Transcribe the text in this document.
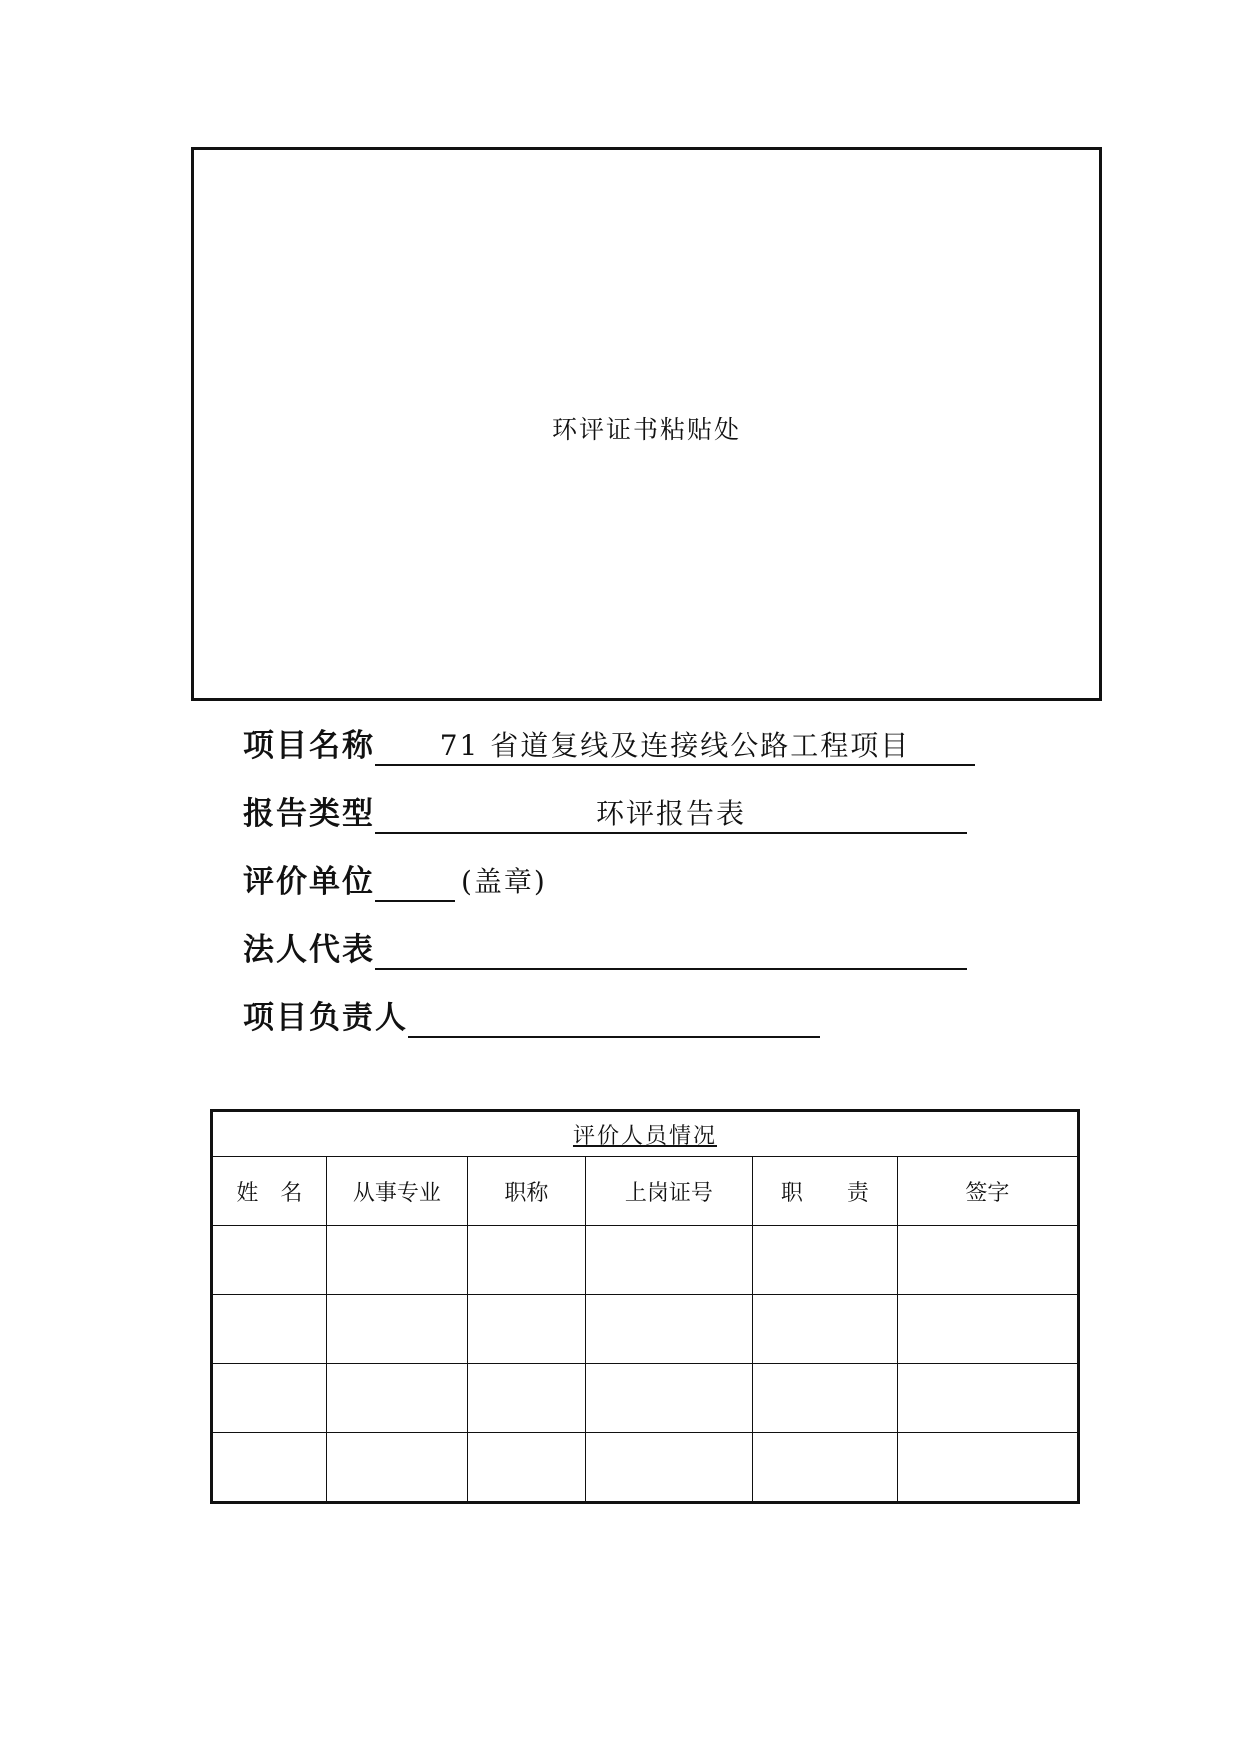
环评证书粘贴处
项目名称	71 省道复线及连接线公路工程项目
报告类型	环评报告表
评价单位	(盖章)
法人代表
项目负责人
评价人员情况					
姓　名	从事专业	职称	上岗证号	职　　责	签字
